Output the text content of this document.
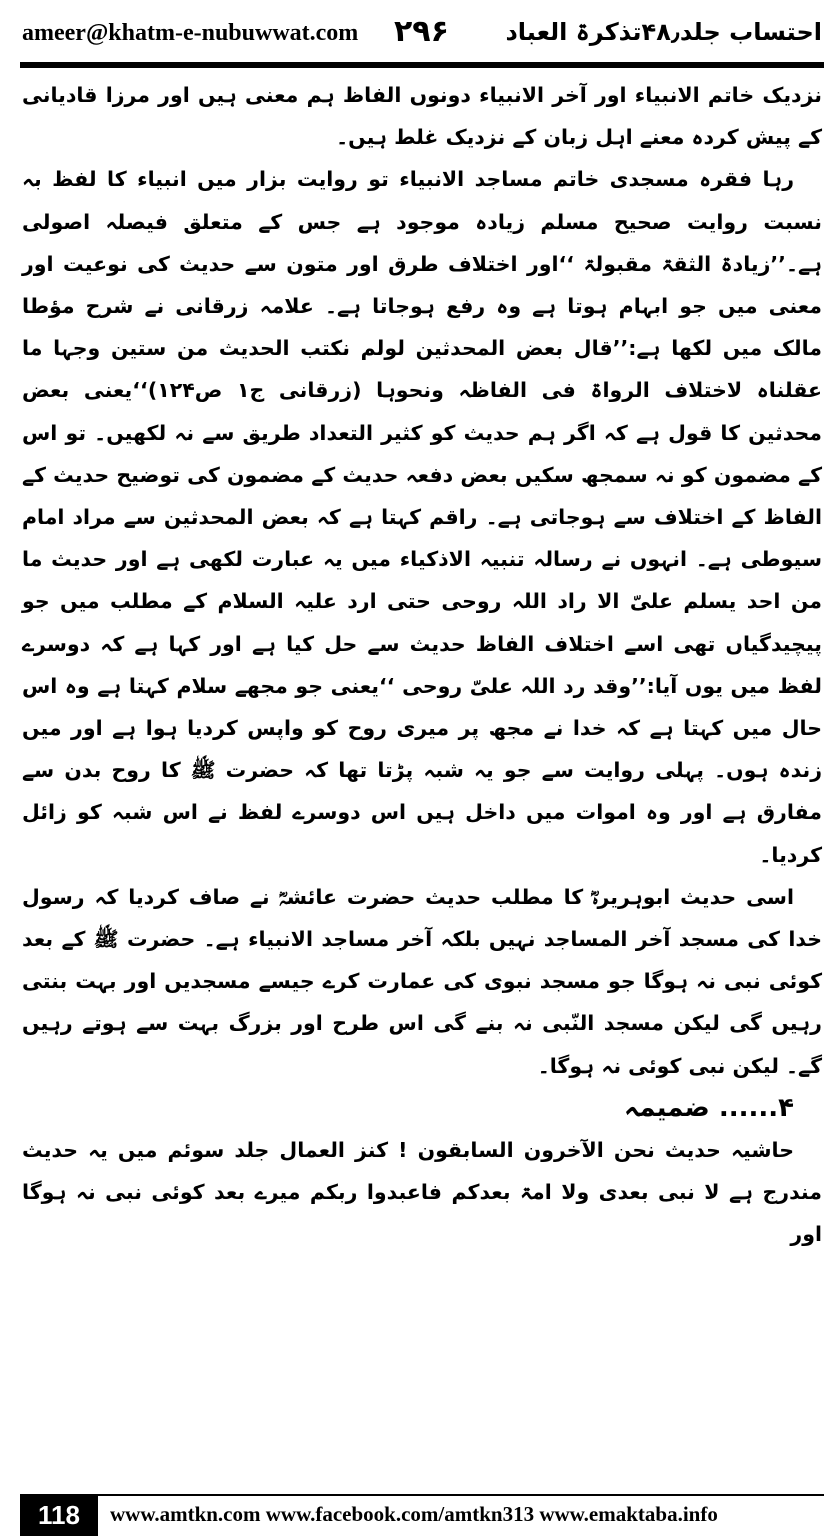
ameer@khatm-e-nubuwwat.com ۲۹۶ احتساب جلد۴۸٫تذکرۃ العباد

نزدیک خاتم الانبیاء اور آخر الانبیاء دونوں الفاظ ہم معنی ہیں اور مرزا قادیانی کے پیش کردہ معنے اہل زبان کے نزدیک غلط ہیں۔

رہا فقرہ مسجدی خاتم مساجد الانبیاء تو روایت بزار میں انبیاء کا لفظ بہ نسبت روایت صحیح مسلم زیادہ موجود ہے جس کے متعلق فیصلہ اصولی ہے۔’’زیادۃ الثقۃ مقبولۃ ‘‘اور اختلاف طرق اور متون سے حدیث کی نوعیت اور معنی میں جو ابہام ہوتا ہے وہ رفع ہوجاتا ہے۔ علامہ زرقانی نے شرح مؤطا مالک میں لکھا ہے:’’قال بعض المحدثین لولم نکتب الحدیث من ستین وجہا ما عقلناہ لاختلاف الرواۃ فی الفاظہ ونحوہا (زرقانی ج۱ ص۱۲۴)‘‘یعنی بعض محدثین کا قول ہے کہ اگر ہم حدیث کو کثیر التعداد طریق سے نہ لکھیں۔ تو اس کے مضمون کو نہ سمجھ سکیں بعض دفعہ حدیث کے مضمون کی توضیح حدیث کے الفاظ کے اختلاف سے ہوجاتی ہے۔ راقم کہتا ہے کہ بعض المحدثین سے مراد امام سیوطی ہے۔ انہوں نے رسالہ تنبیہ الاذکیاء میں یہ عبارت لکھی ہے اور حدیث ما من احد یسلم علیّ الا راد اللہ روحی حتی ارد علیہ السلام کے مطلب میں جو پیچیدگیاں تھی اسے اختلاف الفاظ حدیث سے حل کیا ہے اور کہا ہے کہ دوسرے لفظ میں یوں آیا:’’وقد رد اللہ علیّ روحی ‘‘یعنی جو مجھے سلام کہتا ہے وہ اس حال میں کہتا ہے کہ خدا نے مجھ پر میری روح کو واپس کردیا ہوا ہے اور میں زندہ ہوں۔ پہلی روایت سے جو یہ شبہ پڑتا تھا کہ حضرت ﷺ کا روح بدن سے مفارق ہے اور وہ اموات میں داخل ہیں اس دوسرے لفظ نے اس شبہ کو زائل کردیا۔

اسی حدیث ابوہریرہؓ کا مطلب حدیث حضرت عائشہؓ نے صاف کردیا کہ رسول خدا کی مسجد آخر المساجد نہیں بلکہ آخر مساجد الانبیاء ہے۔ حضرت ﷺ کے بعد کوئی نبی نہ ہوگا جو مسجد نبوی کی عمارت کرے جیسے مسجدیں اور بہت بنتی رہیں گی لیکن مسجد النّبی نہ بنے گی اس طرح اور بزرگ بہت سے ہوتے رہیں گے۔ لیکن نبی کوئی نہ ہوگا۔

۴...... ضمیمہ

حاشیہ حدیث نحن الآخرون السابقون ! کنز العمال جلد سوئم میں یہ حدیث مندرج ہے لا نبی بعدی ولا امۃ بعدکم فاعبدوا ربکم میرے بعد کوئی نبی نہ ہوگا اور

118	www.amtkn.com www.facebook.com/amtkn313 www.emaktaba.info
